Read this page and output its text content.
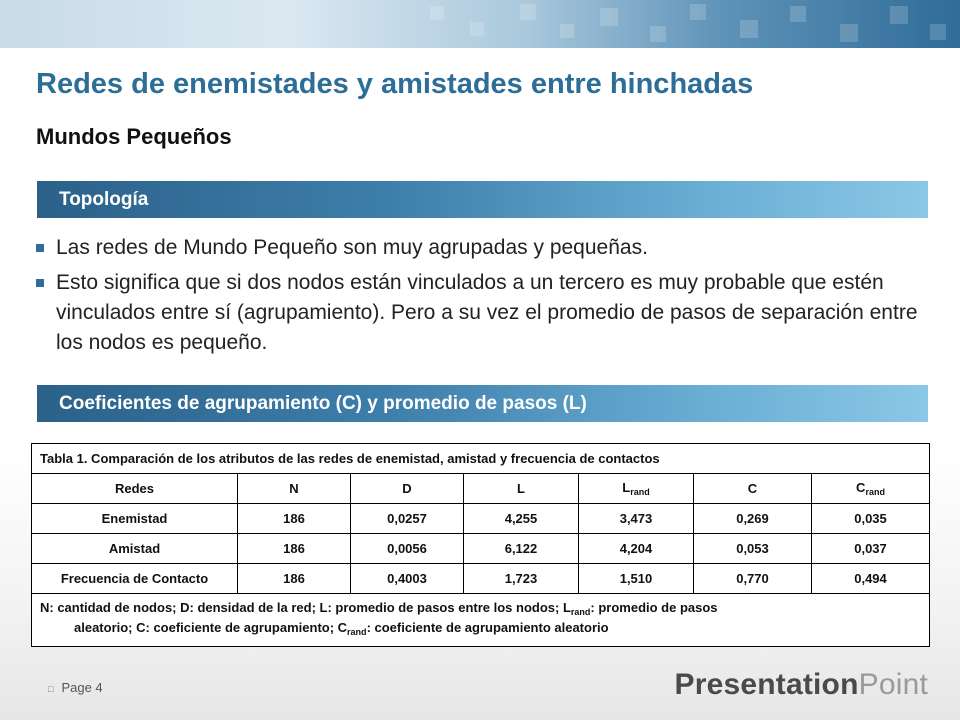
Redes de enemistades y amistades entre hinchadas
Mundos Pequeños
Topología
Las redes de Mundo Pequeño son muy agrupadas y pequeñas.
Esto significa que si dos nodos están vinculados a un tercero es muy probable que estén vinculados entre sí (agrupamiento). Pero a su vez el promedio de pasos de separación entre los nodos es pequeño.
Coeficientes de agrupamiento (C) y promedio de pasos (L)
Tabla 1. Comparación de los atributos de las redes de enemistad, amistad y frecuencia de contactos						
Redes	N	D	L	$L_{rand}$	C	$C_{rand}$
Enemistad	186	0,0257	4,255	3,473	0,269	0,035
Amistad	186	0,0056	6,122	4,204	0,053	0,037
Frecuencia de Contacto	186	0,4003	1,723	1,510	0,770	0,494
N: cantidad de nodos; D: densidad de la red; L: promedio de pasos entre los nodos; $L_{rand}$: promedio de pasos
aleatorio; C: coeficiente de agrupamiento; $C_{rand}$: coeficiente de agrupamiento aleatorio						
□ Page 4	PresentationPoint
